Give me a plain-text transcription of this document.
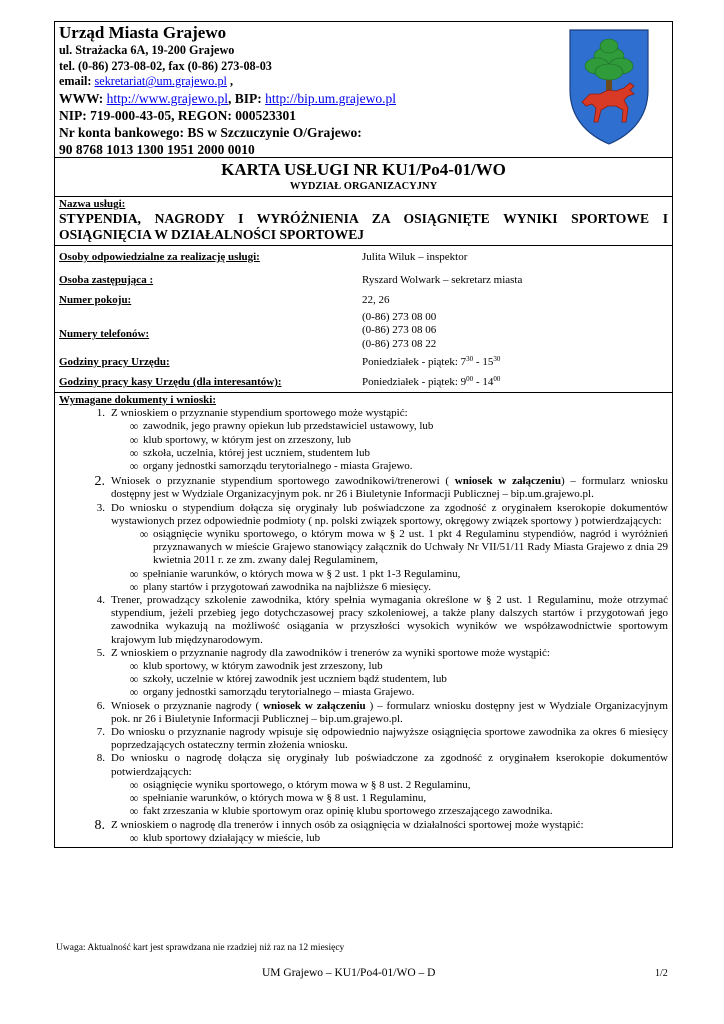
Urząd Miasta Grajewo
ul. Strażacka 6A, 19-200 Grajewo
tel. (0-86) 273-08-02, fax (0-86) 273-08-03
email: sekretariat@um.grajewo.pl ,
WWW: http://www.grajewo.pl, BIP: http://bip.um.grajewo.pl
NIP: 719-000-43-05, REGON: 000523301
Nr konta bankowego: BS w Szczuczynie O/Grajewo:
90 8768 1013 1300 1951 2000 0010
KARTA USŁUGI NR KU1/Po4-01/WO
WYDZIAŁ ORGANIZACYJNY
Nazwa usługi:
STYPENDIA, NAGRODY I WYRÓŻNIENIA ZA OSIĄGNIĘTE WYNIKI SPORTOWE I OSIĄGNIĘCIA W DZIAŁALNOŚCI SPORTOWEJ
Osoby odpowiedzialne za realizację usługi:	Julita Wiluk – inspektor
Osoba zastępująca :	Ryszard Wolwark – sekretarz miasta
Numer pokoju:	22, 26
Numery telefonów:
(0-86) 273 08 00
(0-86) 273 08 06
(0-86) 273 08 22
Godziny pracy Urzędu:	Poniedziałek - piątek: $7^{30} - 15^{30}$
Godziny pracy kasy Urzędu (dla interesantów):	Poniedziałek - piątek: $9^{00} - 14^{00}$
Wymagane dokumenty i wnioski:
1. Z wnioskiem o przyznanie stypendium sportowego może wystąpić:
∞ zawodnik, jego prawny opiekun lub przedstawiciel ustawowy, lub
∞ klub sportowy, w którym jest on zrzeszony, lub
∞ szkoła, uczelnia, której jest uczniem, studentem lub
∞ organy jednostki samorządu terytorialnego - miasta Grajewo.
2. Wniosek o przyznanie stypendium sportowego zawodnikowi/trenerowi ( wniosek w załączeniu) – formularz wniosku dostępny jest w Wydziale Organizacyjnym pok. nr 26 i Biuletynie Informacji Publicznej – bip.um.grajewo.pl.
3. Do wniosku o stypendium dołącza się oryginały lub poświadczone za zgodność z oryginałem kserokopie dokumentów wystawionych przez odpowiednie podmioty ( np. polski związek sportowy, okręgowy związek sportowy ) potwierdzających:
∞ osiągnięcie wyniku sportowego, o którym mowa w § 2 ust. 1 pkt 4 Regulaminu stypendiów, nagród i wyróżnień przyznawanych w mieście Grajewo stanowiący załącznik do Uchwały Nr VII/51/11 Rady Miasta Grajewo z dnia 29 kwietnia 2011 r. ze zm. zwany dalej Regulaminem,
∞ spełnianie warunków, o których mowa w § 2 ust. 1 pkt 1-3 Regulaminu,
∞ plany startów i przygotowań zawodnika na najbliższe 6 miesięcy.
4. Trener, prowadzący szkolenie zawodnika, który spełnia wymagania określone w § 2 ust. 1 Regulaminu, może otrzymać stypendium, jeżeli przebieg jego dotychczasowej pracy szkoleniowej, a także plany dalszych startów i przygotowań jego zawodnika wykazują na możliwość osiągania w przyszłości wysokich wyników we współzawodnictwie sportowym krajowym lub międzynarodowym.
5. Z wnioskiem o przyznanie nagrody dla zawodników i trenerów za wyniki sportowe może wystąpić:
∞ klub sportowy, w którym zawodnik jest zrzeszony, lub
∞ szkoły, uczelnie w której zawodnik jest uczniem bądź studentem, lub
∞ organy jednostki samorządu terytorialnego – miasta Grajewo.
6. Wniosek o przyznanie nagrody ( wniosek w załączeniu ) – formularz wniosku dostępny jest w Wydziale Organizacyjnym pok. nr 26 i Biuletynie Informacji Publicznej – bip.um.grajewo.pl.
7. Do wniosku o przyznanie nagrody wpisuje się odpowiednio najwyższe osiągnięcia sportowe zawodnika za okres 6 miesięcy poprzedzających ostateczny termin złożenia wniosku.
8. Do wniosku o nagrodę dołącza się oryginały lub poświadczone za zgodność z oryginałem kserokopie dokumentów potwierdzających:
∞ osiągnięcie wyniku sportowego, o którym mowa w § 8 ust. 2 Regulaminu,
∞ spełnianie warunków, o których mowa w § 8 ust. 1 Regulaminu,
∞ fakt zrzeszania w klubie sportowym oraz opinię klubu sportowego zrzeszającego zawodnika.
8. Z wnioskiem o nagrodę dla trenerów i innych osób za osiągnięcia w działalności sportowej może wystąpić:
∞ klub sportowy działający w mieście, lub
Uwaga: Aktualność kart jest sprawdzana nie rzadziej niż raz na 12 miesięcy
UM Grajewo – KU1/Po4-01/WO – D	1/2
